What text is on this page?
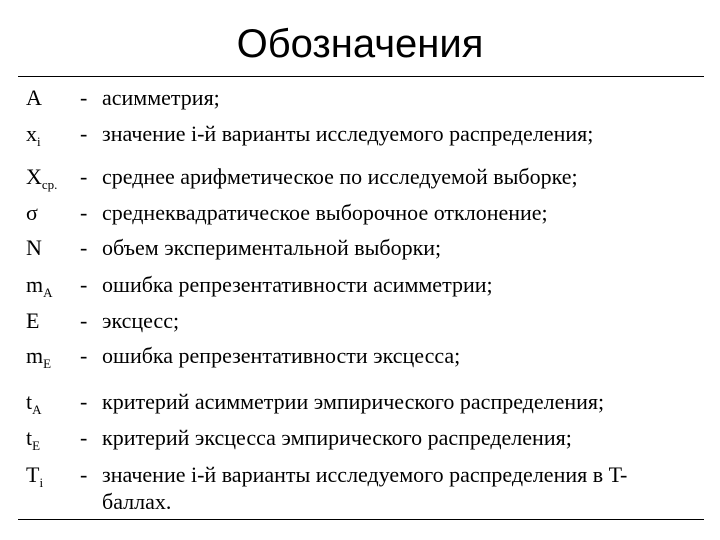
Обозначения
A - асимметрия;
$x_i$ - значение i-й варианты исследуемого распределения;
$X_{ср.}$ - среднее арифметическое по исследуемой выборке;
σ - среднеквадратическое выборочное отклонение;
N - объем экспериментальной выборки;
$m_A$ - ошибка репрезентативности асимметрии;
E - эксцесс;
$m_E$ - ошибка репрезентативности эксцесса;
$t_A$ - критерий асимметрии эмпирического распределения;
$t_E$ - критерий эксцесса эмпирического распределения;
$T_i$ - значение i-й варианты исследуемого распределения в T-баллах.
